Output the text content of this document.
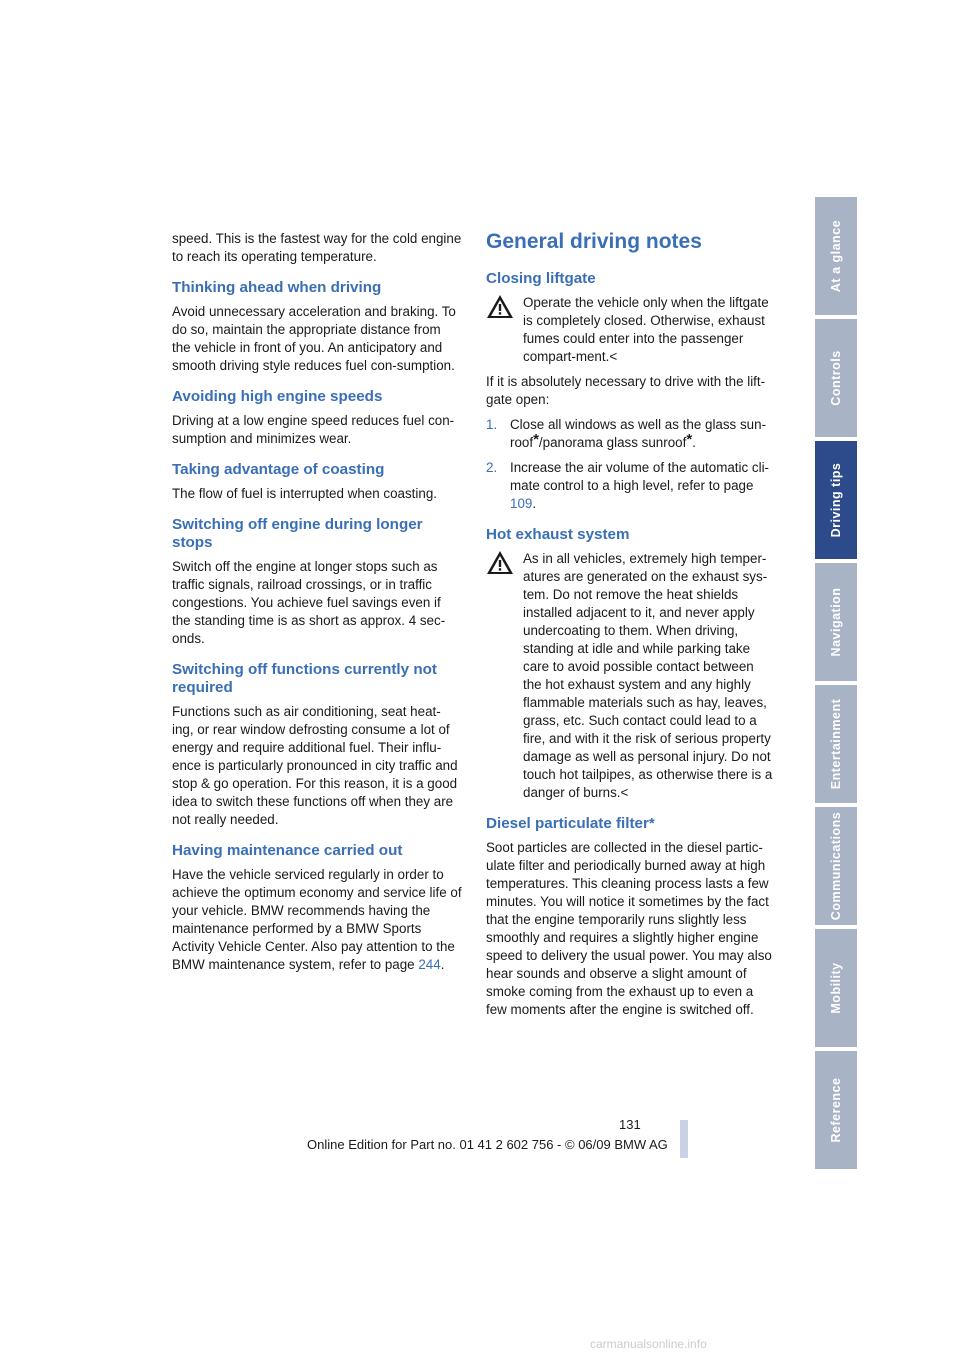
speed. This is the fastest way for the cold engine to reach its operating temperature.

Thinking ahead when driving

Avoid unnecessary acceleration and braking. To do so, maintain the appropriate distance from the vehicle in front of you. An anticipatory and smooth driving style reduces fuel con-sumption.

Avoiding high engine speeds

Driving at a low engine speed reduces fuel con-sumption and minimizes wear.

Taking advantage of coasting

The flow of fuel is interrupted when coasting.

Switching off engine during longer stops

Switch off the engine at longer stops such as traffic signals, railroad crossings, or in traffic congestions. You achieve fuel savings even if the standing time is as short as approx. 4 sec-onds.

Switching off functions currently not required

Functions such as air conditioning, seat heat-ing, or rear window defrosting consume a lot of energy and require additional fuel. Their influ-ence is particularly pronounced in city traffic and stop & go operation. For this reason, it is a good idea to switch these functions off when they are not really needed.

Having maintenance carried out

Have the vehicle serviced regularly in order to achieve the optimum economy and service life of your vehicle. BMW recommends having the maintenance performed by a BMW Sports Activity Vehicle Center. Also pay attention to the BMW maintenance system, refer to page 244.

General driving notes
Closing liftgate

Operate the vehicle only when the liftgate is completely closed. Otherwise, exhaust fumes could enter into the passenger compart-ment.<

If it is absolutely necessary to drive with the lift-gate open:

1. Close all windows as well as the glass sun-roof*/panorama glass sunroof*.
2. Increase the air volume of the automatic cli-mate control to a high level, refer to page 109.
Hot exhaust system

As in all vehicles, extremely high temper-atures are generated on the exhaust sys-tem. Do not remove the heat shields installed adjacent to it, and never apply undercoating to them. When driving, standing at idle and while parking take care to avoid possible contact between the hot exhaust system and any highly flammable materials such as hay, leaves, grass, etc. Such contact could lead to a fire, and with it the risk of serious property damage as well as personal injury. Do not touch hot tailpipes, as otherwise there is a danger of burns.<

Diesel particulate filter*

Soot particles are collected in the diesel partic-ulate filter and periodically burned away at high temperatures. This cleaning process lasts a few minutes. You will notice it sometimes by the fact that the engine temporarily runs slightly less smoothly and requires a slightly higher engine speed to delivery the usual power. You may also hear sounds and observe a slight amount of smoke coming from the exhaust up to even a few moments after the engine is switched off.

At a glance
Controls
Driving tips
Navigation
Entertainment
Communications
Mobility
Reference
131
Online Edition for Part no. 01 41 2 602 756 - © 06/09 BMW AG
carmanualsonline.info
